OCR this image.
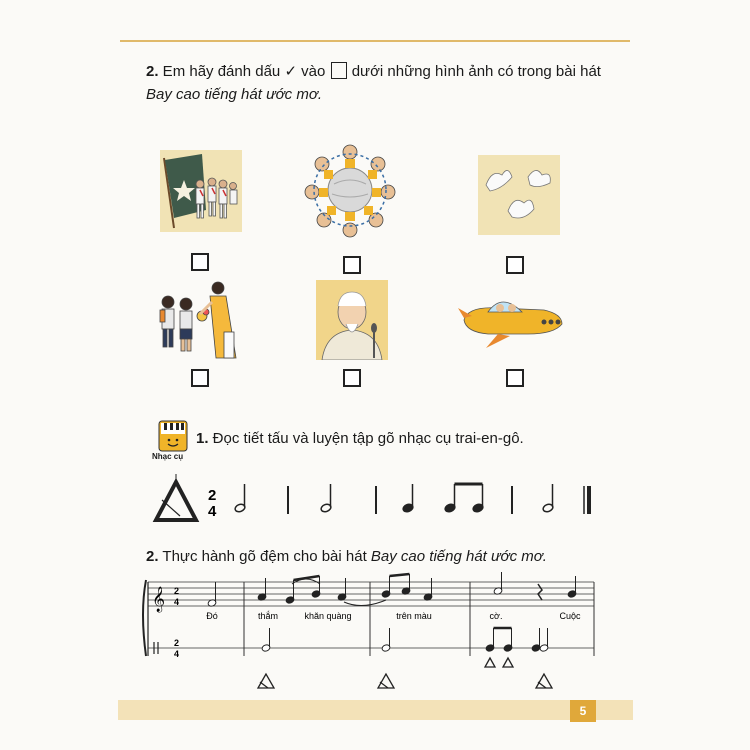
2. Em hãy đánh dấu ✓ vào  dưới những hình ảnh có trong bài hát
Bay cao tiếng hát ước mơ.
Nhạc cụ
1. Đọc tiết tấu và luyện tập gõ nhạc cụ trai-en-gô.
2
4
2. Thực hành gõ đệm cho bài hát Bay cao tiếng hát ước mơ.
𝄞 2
4
Đó	thắm	khăn quàng	trên màu	cờ.	Cuộc
2
4
5
